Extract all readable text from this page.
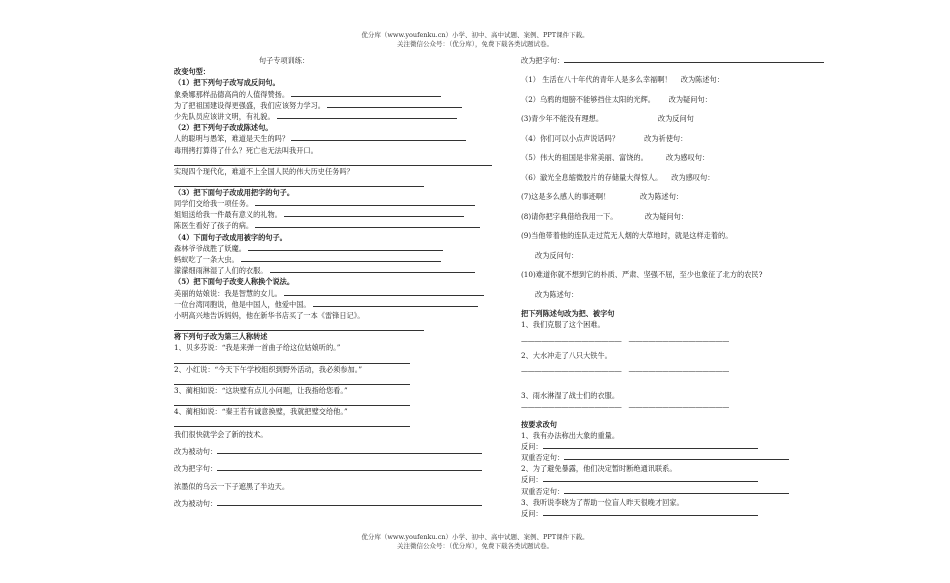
优分库（www.youfenku.cn）小学、初中、高中试题、案例、PPT课件下载。
关注微信公众号：（优分库），免费下载各类试题试卷。
句子专项训练：
改变句型：
（1）把下列句子改写成反问句。
象桑娜那样品德高尚的人值得赞扬。
为了把祖国建设得更强盛，我们应该努力学习。
少先队员应该讲文明，有礼貌。
（2）把下列句子改成陈述句。
人的聪明与愚笨，难道是天生的吗？
毒刑拷打算得了什么？死亡也无法叫我开口。
实现四个现代化，难道不上全国人民的伟大历史任务吗？
（3）把下面句子改成用把字的句子。
同学们交给我一项任务。
姐姐送给我一件最有意义的礼物。
陈医生看好了孩子的病。
（4）下面句子改成用被字的句子。
森林爷爷战胜了妖魔。
蚂蚁吃了一条大虫。
濛濛细雨淋湿了人们的衣服。
（5）把下面句子改变人称换个说法。
美丽的姑娘说：我是智慧的女儿。
一位台湾同胞说，他是中国人，他爱中国。
小明高兴地告诉妈妈，他在新华书店买了一本《雷锋日记》。
将下列句子改为第三人称转述
1、贝多芬说：“我是来弹一首曲子给这位姑娘听的。”
2、小红说：“今天下午学校组织到野外活动，我必须参加。”
3、蔺相如说：“这块璧有点儿小问题，让我指给您看。”
4、蔺相如说：“秦王若有诚意换璧，我就把璧交给他。”
我们很快就学会了新的技术。
改为被动句：
改为把字句：
浓墨似的乌云一下子遮黑了半边天。
改为被动句：
改为把字句：
（1） 生活在八十年代的青年人是多么幸福啊！ 改为陈述句：
（2）乌鸦的翅膀不能够挡住太阳的光辉。 改为疑问句：
(3)青少年不能没有理想。	改为反问句
（4）你们可以小点声说话吗？	改为祈使句：
（5）伟大的祖国是非常美丽、富饶的。	改为感叹句：
（6）澈光全息缩微胶片的存储量大得惊人。 改为感叹句：
(7)这是多么感人的事迹啊！	改为陈述句：
(8)请你把字典借给我用一下。	改为疑问句：
(9)当他带着他的连队走过荒无人烟的大草地时，就是这样走着的。
改为反问句：
(10)难道你就不想到它的朴质、严肃、坚强不屈，至少也象征了北方的农民?
改为陈述句：
把下列陈述句改为把、被字句
1、我们克服了这个困难。
——————————————— ———————————————
2、大水冲走了八只大铁牛。
——————————————— ———————————————
3、雨水淋湿了战士们的衣服。
——————————————— ———————————————
按要求改句
1、我有办法称出大象的重量。
反问：
双重否定句：
2、为了避免暴露，他们决定暂时断绝通讯联系。
反问：
双重否定句：
3、我听说李晓为了帮助一位盲人昨天很晚才回家。
反问：
优分库（www.youfenku.cn）小学、初中、高中试题、案例、PPT课件下载。
关注微信公众号：（优分库），免费下载各类试题试卷。
